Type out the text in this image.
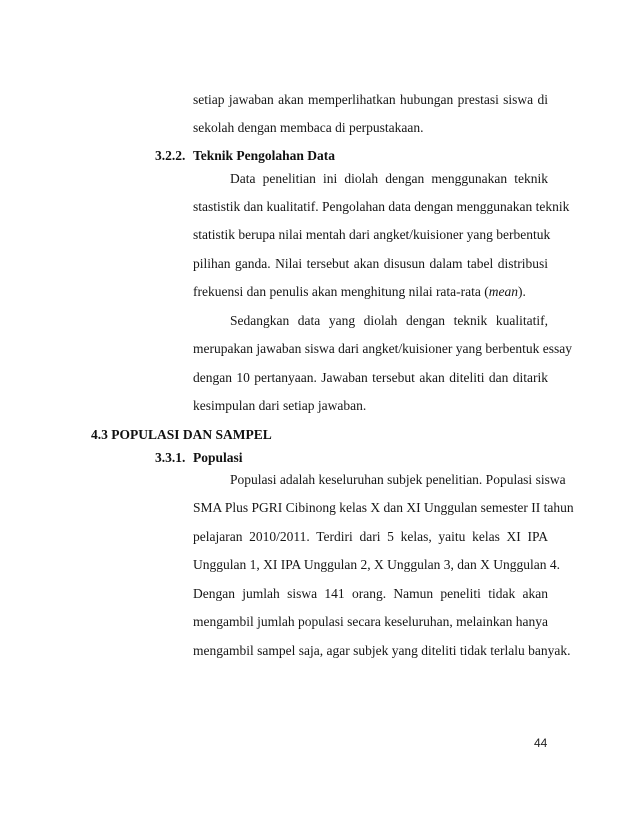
setiap jawaban akan memperlihatkan hubungan prestasi siswa di
sekolah dengan membaca di perpustakaan.
3.2.2. Teknik Pengolahan Data
Data penelitian ini diolah dengan menggunakan teknik
stastistik dan kualitatif. Pengolahan data dengan menggunakan teknik
statistik berupa nilai mentah dari angket/kuisioner yang berbentuk
pilihan ganda. Nilai tersebut akan disusun dalam tabel distribusi
frekuensi dan penulis akan menghitung nilai rata-rata (mean).
Sedangkan data yang diolah dengan teknik kualitatif,
merupakan jawaban siswa dari angket/kuisioner yang berbentuk essay
dengan 10 pertanyaan. Jawaban tersebut akan diteliti dan ditarik
kesimpulan dari setiap jawaban.
4.3 POPULASI DAN SAMPEL
3.3.1. Populasi
Populasi adalah keseluruhan subjek penelitian. Populasi siswa
SMA Plus PGRI Cibinong kelas X dan XI Unggulan semester II tahun
pelajaran 2010/2011. Terdiri dari 5 kelas, yaitu kelas XI IPA
Unggulan 1, XI IPA Unggulan 2, X Unggulan 3, dan X Unggulan 4.
Dengan jumlah siswa 141 orang. Namun peneliti tidak akan
mengambil jumlah populasi secara keseluruhan, melainkan hanya
mengambil sampel saja, agar subjek yang diteliti tidak terlalu banyak.
44
